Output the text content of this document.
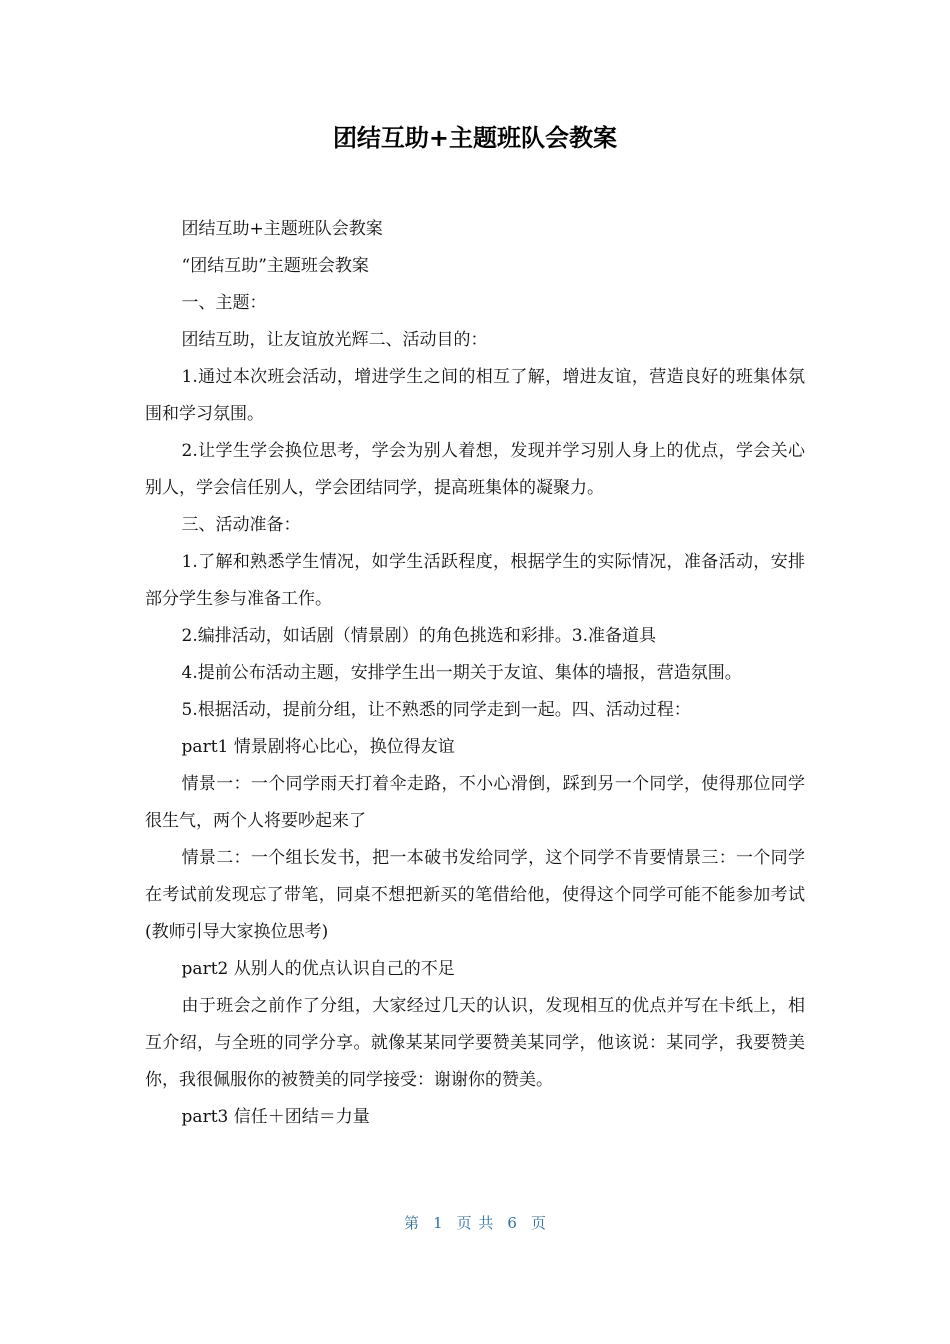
团结互助+主题班队会教案

团结互助+主题班队会教案

“团结互助”主题班会教案

一、主题：

团结互助，让友谊放光辉二、活动目的：

1.通过本次班会活动，增进学生之间的相互了解，增进友谊，营造良好的班集体氛围和学习氛围。

2.让学生学会换位思考，学会为别人着想，发现并学习别人身上的优点，学会关心别人，学会信任别人，学会团结同学，提高班集体的凝聚力。

三、活动准备：

1.了解和熟悉学生情况，如学生活跃程度，根据学生的实际情况，准备活动，安排部分学生参与准备工作。

2.编排活动，如话剧（情景剧）的角色挑选和彩排。3.准备道具

4.提前公布活动主题，安排学生出一期关于友谊、集体的墙报，营造氛围。

5.根据活动，提前分组，让不熟悉的同学走到一起。四、活动过程：

part1 情景剧将心比心，换位得友谊

情景一：一个同学雨天打着伞走路，不小心滑倒，踩到另一个同学，使得那位同学很生气，两个人将要吵起来了

情景二：一个组长发书，把一本破书发给同学，这个同学不肯要情景三：一个同学在考试前发现忘了带笔，同桌不想把新买的笔借给他，使得这个同学可能不能参加考试(教师引导大家换位思考)

part2 从别人的优点认识自己的不足

由于班会之前作了分组，大家经过几天的认识，发现相互的优点并写在卡纸上，相互介绍，与全班的同学分享。就像某某同学要赞美某同学，他该说：某同学，我要赞美你，我很佩服你的被赞美的同学接受：谢谢你的赞美。

part3 信任＋团结＝力量

第 1 页 共 6 页
